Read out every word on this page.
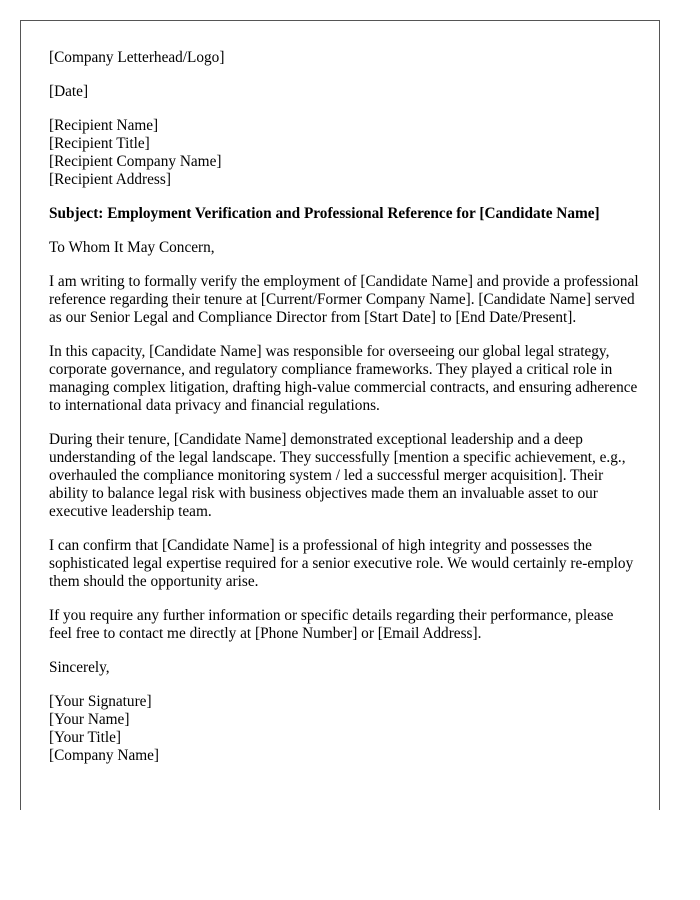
[Company Letterhead/Logo]
[Date]
[Recipient Name]
[Recipient Title]
[Recipient Company Name]
[Recipient Address]
Subject: Employment Verification and Professional Reference for [Candidate Name]
To Whom It May Concern,

I am writing to formally verify the employment of [Candidate Name] and provide a professional reference regarding their tenure at [Current/Former Company Name]. [Candidate Name] served as our Senior Legal and Compliance Director from [Start Date] to [End Date/Present].

In this capacity, [Candidate Name] was responsible for overseeing our global legal strategy, corporate governance, and regulatory compliance frameworks. They played a critical role in managing complex litigation, drafting high-value commercial contracts, and ensuring adherence to international data privacy and financial regulations.

During their tenure, [Candidate Name] demonstrated exceptional leadership and a deep understanding of the legal landscape. They successfully [mention a specific achievement, e.g., overhauled the compliance monitoring system / led a successful merger acquisition]. Their ability to balance legal risk with business objectives made them an invaluable asset to our executive leadership team.

I can confirm that [Candidate Name] is a professional of high integrity and possesses the sophisticated legal expertise required for a senior executive role. We would certainly re-employ them should the opportunity arise.

If you require any further information or specific details regarding their performance, please feel free to contact me directly at [Phone Number] or [Email Address].

Sincerely,
[Your Signature]
[Your Name]
[Your Title]
[Company Name]
